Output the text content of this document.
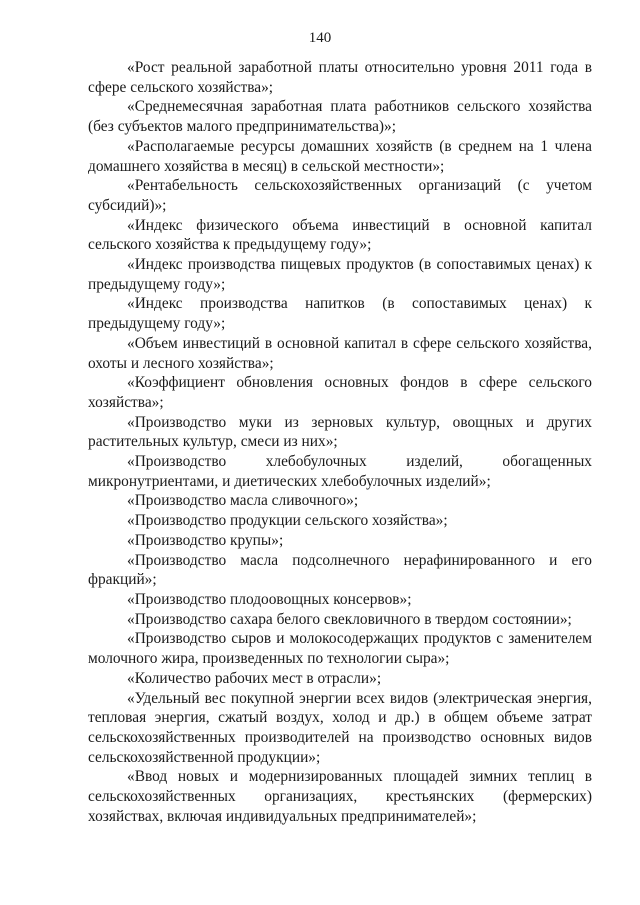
140

«Рост реальной заработной платы относительно уровня 2011 года в сфере сельского хозяйства»;

«Среднемесячная заработная плата работников сельского хозяйства (без субъектов малого предпринимательства)»;

«Располагаемые ресурсы домашних хозяйств (в среднем на 1 члена домашнего хозяйства в месяц) в сельской местности»;

«Рентабельность сельскохозяйственных организаций (с учетом субсидий)»;

«Индекс физического объема инвестиций в основной капитал сельского хозяйства к предыдущему году»;

«Индекс производства пищевых продуктов (в сопоставимых ценах) к предыдущему году»;

«Индекс производства напитков (в сопоставимых ценах) к предыдущему году»;

«Объем инвестиций в основной капитал в сфере сельского хозяйства, охоты и лесного хозяйства»;

«Коэффициент обновления основных фондов в сфере сельского хозяйства»;

«Производство муки из зерновых культур, овощных и других растительных культур, смеси из них»;

«Производство хлебобулочных изделий, обогащенных микронутриентами, и диетических хлебобулочных изделий»;

«Производство масла сливочного»;

«Производство продукции сельского хозяйства»;

«Производство крупы»;

«Производство масла подсолнечного нерафинированного и его фракций»;

«Производство плодоовощных консервов»;

«Производство сахара белого свекловичного в твердом состоянии»;

«Производство сыров и молокосодержащих продуктов с заменителем молочного жира, произведенных по технологии сыра»;

«Количество рабочих мест в отрасли»;

«Удельный вес покупной энергии всех видов (электрическая энергия, тепловая энергия, сжатый воздух, холод и др.) в общем объеме затрат сельскохозяйственных производителей на производство основных видов сельскохозяйственной продукции»;

«Ввод новых и модернизированных площадей зимних теплиц в сельскохозяйственных организациях, крестьянских (фермерских) хозяйствах, включая индивидуальных предпринимателей»;
